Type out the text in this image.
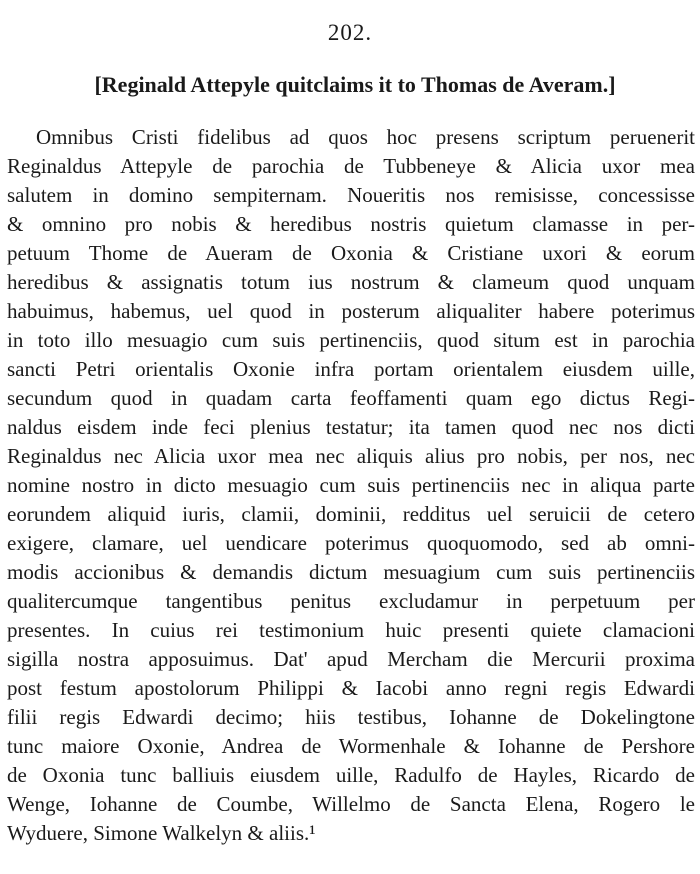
202.
[Reginald Attepyle quitclaims it to Thomas de Averam.]
Omnibus Cristi fidelibus ad quos hoc presens scriptum peruenerit
Reginaldus Attepyle de parochia de Tubbeneye & Alicia uxor mea
salutem in domino sempiternam. Noueritis nos remisisse, concessisse
& omnino pro nobis & heredibus nostris quietum clamasse in per-
petuum Thome de Aueram de Oxonia & Cristiane uxori & eorum
heredibus & assignatis totum ius nostrum & clameum quod unquam
habuimus, habemus, uel quod in posterum aliqualiter habere poterimus
in toto illo mesuagio cum suis pertinenciis, quod situm est in parochia
sancti Petri orientalis Oxonie infra portam orientalem eiusdem uille,
secundum quod in quadam carta feoffamenti quam ego dictus Regi-
naldus eisdem inde feci plenius testatur; ita tamen quod nec nos dicti
Reginaldus nec Alicia uxor mea nec aliquis alius pro nobis, per nos, nec
nomine nostro in dicto mesuagio cum suis pertinenciis nec in aliqua parte
eorundem aliquid iuris, clamii, dominii, redditus uel seruicii de cetero
exigere, clamare, uel uendicare poterimus quoquomodo, sed ab omni-
modis accionibus & demandis dictum mesuagium cum suis pertinenciis
qualitercumque tangentibus penitus excludamur in perpetuum per
presentes. In cuius rei testimonium huic presenti quiete clamacioni
sigilla nostra apposuimus. Dat' apud Mercham die Mercurii proxima
post festum apostolorum Philippi & Iacobi anno regni regis Edwardi
filii regis Edwardi decimo; hiis testibus, Iohanne de Dokelingtone
tunc maiore Oxonie, Andrea de Wormenhale & Iohanne de Pershore
de Oxonia tunc balliuis eiusdem uille, Radulfo de Hayles, Ricardo de
Wenge, Iohanne de Coumbe, Willelmo de Sancta Elena, Rogero le
Wyduere, Simone Walkelyn & aliis.¹
